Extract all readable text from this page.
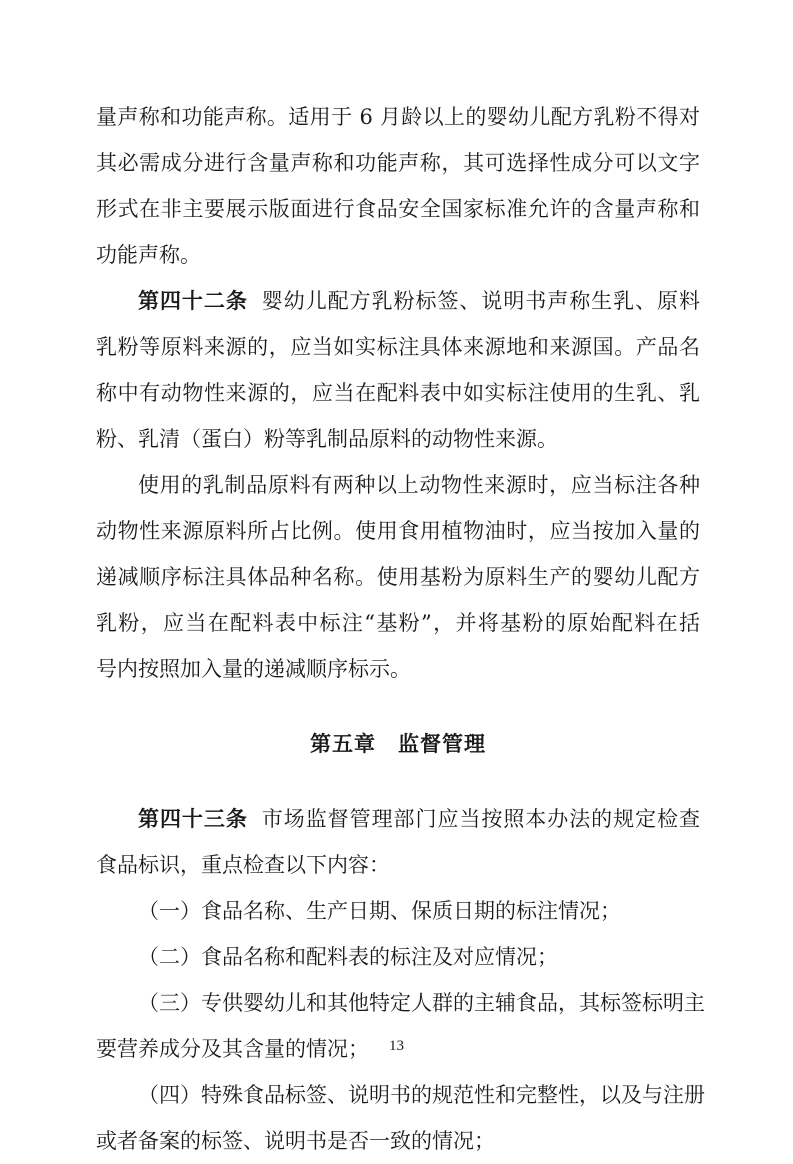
量声称和功能声称。适用于 6 月龄以上的婴幼儿配方乳粉不得对
其必需成分进行含量声称和功能声称，其可选择性成分可以文字
形式在非主要展示版面进行食品安全国家标准允许的含量声称和
功能声称。
第四十二条 婴幼儿配方乳粉标签、说明书声称生乳、原料
乳粉等原料来源的，应当如实标注具体来源地和来源国。产品名
称中有动物性来源的，应当在配料表中如实标注使用的生乳、乳
粉、乳清（蛋白）粉等乳制品原料的动物性来源。
使用的乳制品原料有两种以上动物性来源时，应当标注各种
动物性来源原料所占比例。使用食用植物油时，应当按加入量的
递减顺序标注具体品种名称。使用基粉为原料生产的婴幼儿配方
乳粉，应当在配料表中标注“基粉”，并将基粉的原始配料在括
号内按照加入量的递减顺序标示。
第五章 监督管理
第四十三条 市场监督管理部门应当按照本办法的规定检查
食品标识，重点检查以下内容：
（一）食品名称、生产日期、保质日期的标注情况；
（二）食品名称和配料表的标注及对应情况；
（三）专供婴幼儿和其他特定人群的主辅食品，其标签标明主
要营养成分及其含量的情况；
（四）特殊食品标签、说明书的规范性和完整性，以及与注册
或者备案的标签、说明书是否一致的情况；
13
